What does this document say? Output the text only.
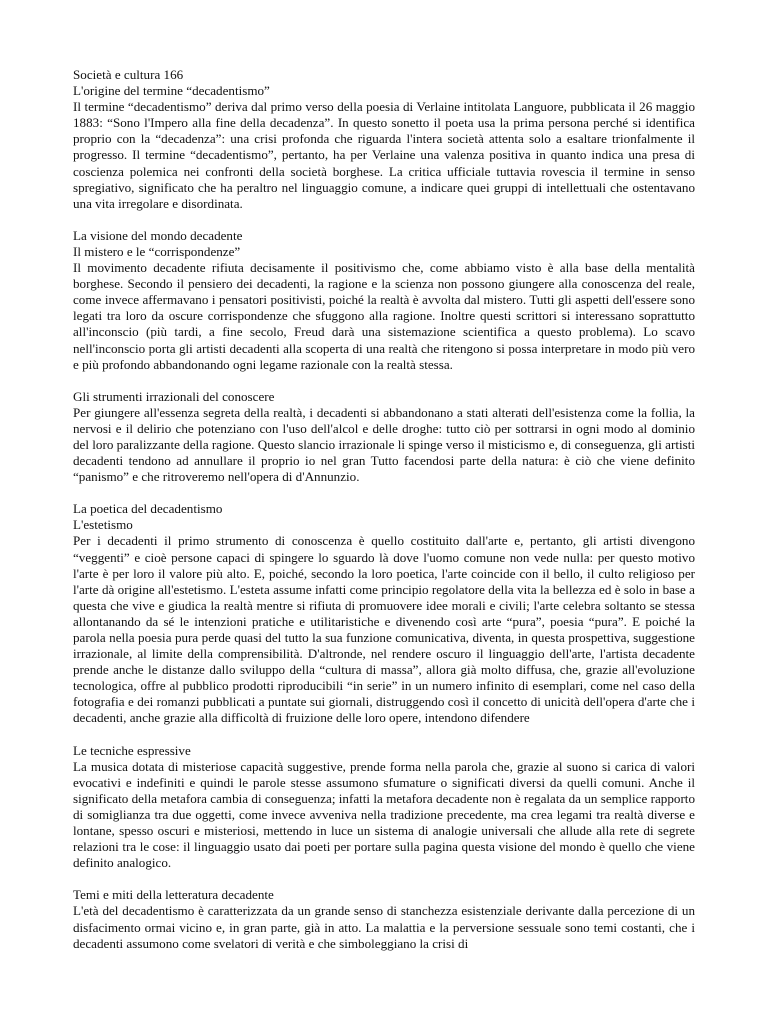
Società e cultura 166
L'origine del termine “decadentismo”
Il termine “decadentismo” deriva dal primo verso della poesia di Verlaine intitolata Languore, pubblicata il 26 maggio 1883: “Sono l'Impero alla fine della decadenza”. In questo sonetto il poeta usa la prima persona perché si identifica proprio con la “decadenza”: una crisi profonda che riguarda l'intera società attenta solo a esaltare trionfalmente il progresso. Il termine “decadentismo”, pertanto, ha per Verlaine una valenza positiva in quanto indica una presa di coscienza polemica nei confronti della società borghese. La critica ufficiale tuttavia rovescia il termine in senso spregiativo, significato che ha peraltro nel linguaggio comune, a indicare quei gruppi di intellettuali che ostentavano una vita irregolare e disordinata.
La visione del mondo decadente
Il mistero e le “corrispondenze”
Il movimento decadente rifiuta decisamente il positivismo che, come abbiamo visto è alla base della mentalità borghese. Secondo il pensiero dei decadenti, la ragione e la scienza non possono giungere alla conoscenza del reale, come invece affermavano i pensatori positivisti, poiché la realtà è avvolta dal mistero. Tutti gli aspetti dell'essere sono legati tra loro da oscure corrispondenze che sfuggono alla ragione. Inoltre questi scrittori si interessano soprattutto all'inconscio (più tardi, a fine secolo, Freud darà una sistemazione scientifica a questo problema). Lo scavo nell'inconscio porta gli artisti decadenti alla scoperta di una realtà che ritengono si possa interpretare in modo più vero e più profondo abbandonando ogni legame razionale con la realtà stessa.
Gli strumenti irrazionali del conoscere
Per giungere all'essenza segreta della realtà, i decadenti si abbandonano a stati alterati dell'esistenza come la follia, la nervosi e il delirio che potenziano con l'uso dell'alcol e delle droghe: tutto ciò per sottrarsi in ogni modo al dominio del loro paralizzante della ragione. Questo slancio irrazionale li spinge verso il misticismo e, di conseguenza, gli artisti decadenti tendono ad annullare il proprio io nel gran Tutto facendosi parte della natura: è ciò che viene definito “panismo” e che ritroveremo nell'opera di d'Annunzio.
La poetica del decadentismo
L'estetismo
Per i decadenti il primo strumento di conoscenza è quello costituito dall'arte e, pertanto, gli artisti divengono “veggenti” e cioè persone capaci di spingere lo sguardo là dove l'uomo comune non vede nulla: per questo motivo l'arte è per loro il valore più alto. E, poiché, secondo la loro poetica, l'arte coincide con il bello, il culto religioso per l'arte dà origine all'estetismo. L'esteta assume infatti come principio regolatore della vita la bellezza ed è solo in base a questa che vive e giudica la realtà mentre si rifiuta di promuovere idee morali e civili; l'arte celebra soltanto se stessa allontanando da sé le intenzioni pratiche e utilitaristiche e divenendo così arte “pura”, poesia “pura”. E poiché la parola nella poesia pura perde quasi del tutto la sua funzione comunicativa, diventa, in questa prospettiva, suggestione irrazionale, al limite della comprensibilità. D'altronde, nel rendere oscuro il linguaggio dell'arte, l'artista decadente prende anche le distanze dallo sviluppo della “cultura di massa”, allora già molto diffusa, che, grazie all'evoluzione tecnologica, offre al pubblico prodotti riproducibili “in serie” in un numero infinito di esemplari, come nel caso della fotografia e dei romanzi pubblicati a puntate sui giornali, distruggendo così il concetto di unicità dell'opera d'arte che i decadenti, anche grazie alla difficoltà di fruizione delle loro opere, intendono difendere
Le tecniche espressive
La musica dotata di misteriose capacità suggestive, prende forma nella parola che, grazie al suono si carica di valori evocativi e indefiniti e quindi le parole stesse assumono sfumature o significati diversi da quelli comuni. Anche il significato della metafora cambia di conseguenza; infatti la metafora decadente non è regalata da un semplice rapporto di somiglianza tra due oggetti, come invece avveniva nella tradizione precedente, ma crea legami tra realtà diverse e lontane, spesso oscuri e misteriosi, mettendo in luce un sistema di analogie universali che allude alla rete di segrete relazioni tra le cose: il linguaggio usato dai poeti per portare sulla pagina questa visione del mondo è quello che viene definito analogico.
Temi e miti della letteratura decadente
L'età del decadentismo è caratterizzata da un grande senso di stanchezza esistenziale derivante dalla percezione di un disfacimento ormai vicino e, in gran parte, già in atto. La malattia e la perversione sessuale sono temi costanti, che i decadenti assumono come svelatori di verità e che simboleggiano la crisi di
